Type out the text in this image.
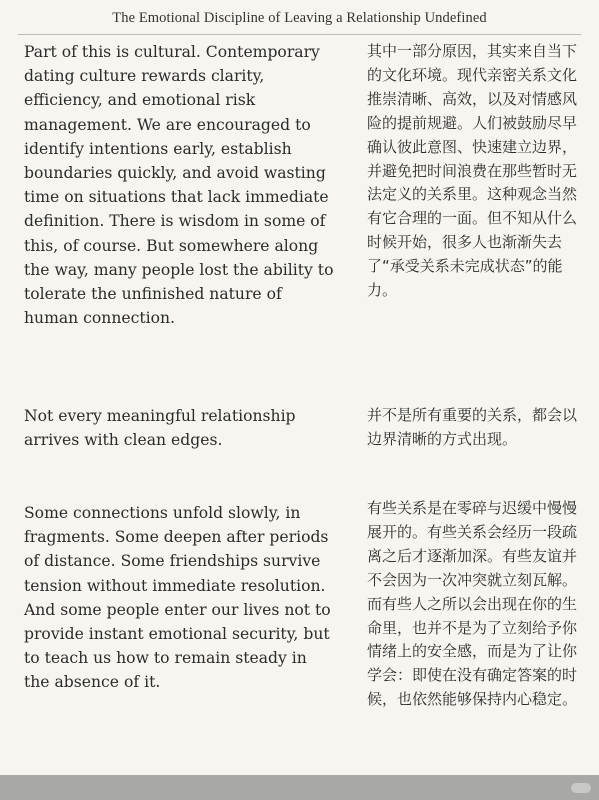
The Emotional Discipline of Leaving a Relationship Undefined
Part of this is cultural. Contemporary dating culture rewards clarity, efficiency, and emotional risk management. We are encouraged to identify intentions early, establish boundaries quickly, and avoid wasting time on situations that lack immediate definition. There is wisdom in some of this, of course. But somewhere along the way, many people lost the ability to tolerate the unfinished nature of human connection.
其中一部分原因，其实来自当下的文化环境。现代亲密关系文化推崇清晰、高效，以及对情感风险的提前规避。人们被鼓励尽早确认彼此意图、快速建立边界，并避免把时间浪费在那些暂时无法定义的关系里。这种观念当然有它合理的一面。但不知从什么时候开始，很多人也渐渐失去了“承受关系未完成状态”的能力。
Not every meaningful relationship arrives with clean edges.
并不是所有重要的关系，都会以边界清晰的方式出现。
Some connections unfold slowly, in fragments. Some deepen after periods of distance. Some friendships survive tension without immediate resolution. And some people enter our lives not to provide instant emotional security, but to teach us how to remain steady in the absence of it.
有些关系是在零碎与迟缓中慢慢展开的。有些关系会经历一段疏离之后才逐渐加深。有些友谊并不会因为一次冲突就立刻瓦解。而有些人之所以会出现在你的生命里，也并不是为了立刻给予你情绪上的安全感，而是为了让你学会：即使在没有确定答案的时候，也依然能够保持内心稳定。
